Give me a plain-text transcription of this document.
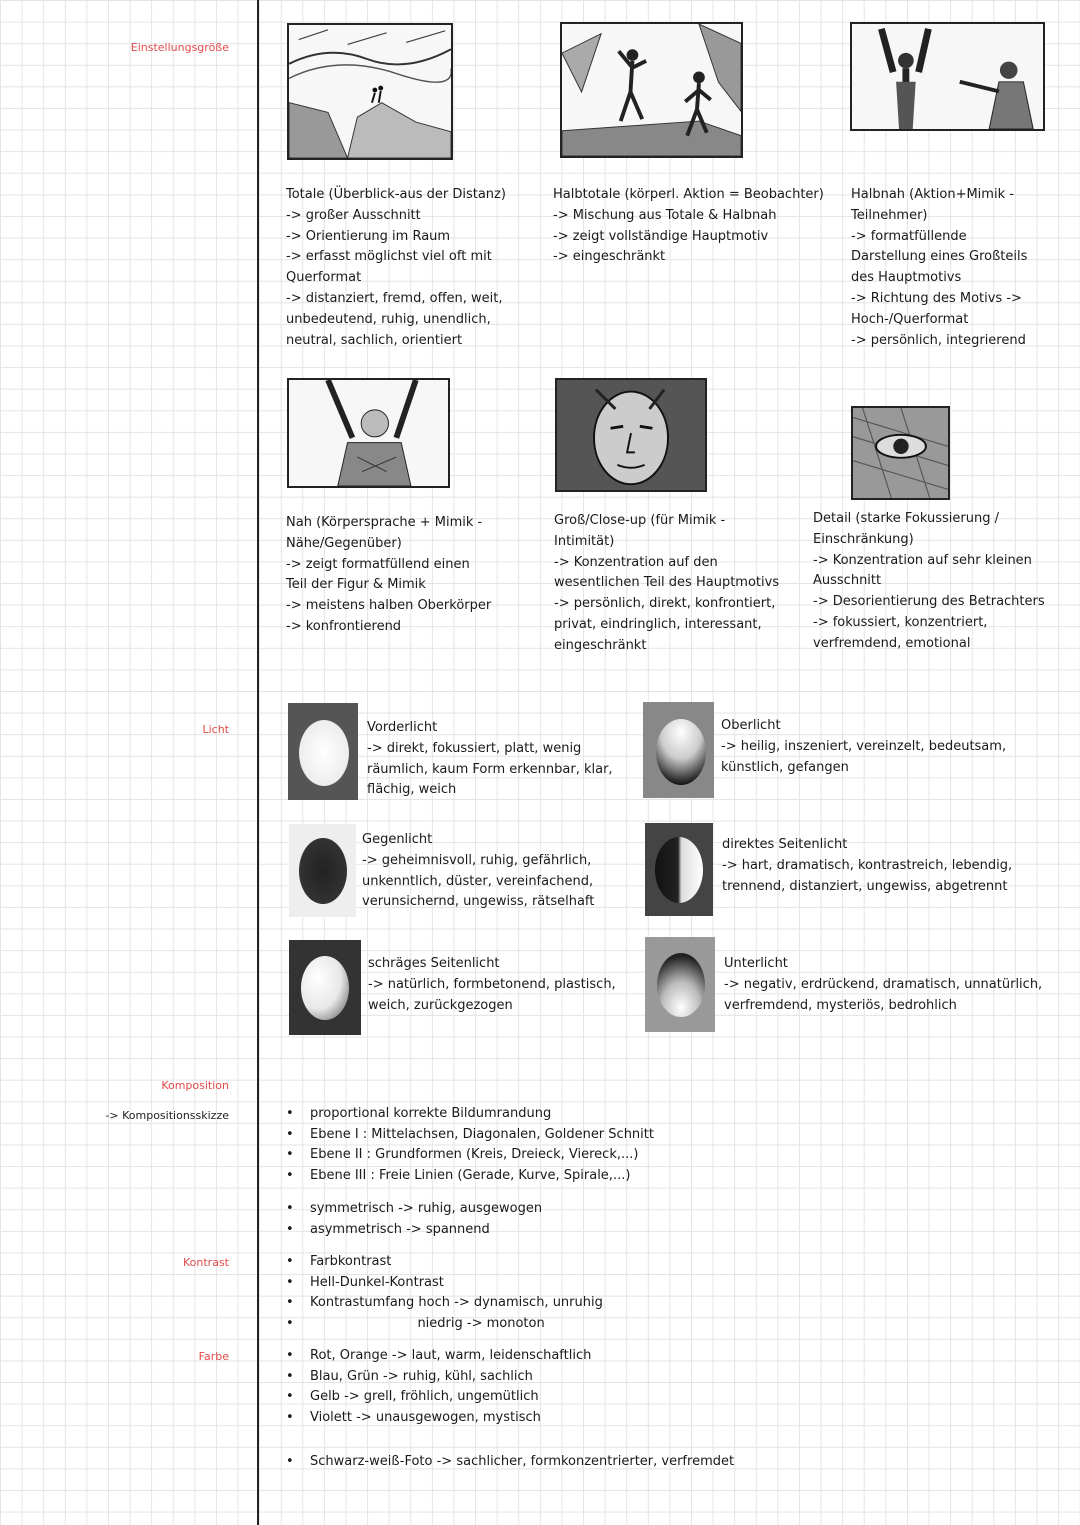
Einstellungsgröße
Licht
Komposition
-> Kompositionsskizze
Kontrast
Farbe
Totale (Überblick-aus der Distanz)
-> großer Ausschnitt
-> Orientierung im Raum
-> erfasst möglichst viel oft mit
Querformat
-> distanziert, fremd, offen, weit,
unbedeutend, ruhig, unendlich,
neutral, sachlich, orientiert
Halbtotale (körperl. Aktion = Beobachter)
-> Mischung aus Totale & Halbnah
-> zeigt vollständige Hauptmotiv
-> eingeschränkt
Halbnah (Aktion+Mimik -
Teilnehmer)
-> formatfüllende
Darstellung eines Großteils
des Hauptmotivs
-> Richtung des Motivs ->
Hoch-/Querformat
-> persönlich, integrierend
Nah (Körpersprache + Mimik -
Nähe/Gegenüber)
-> zeigt formatfüllend einen
Teil der Figur & Mimik
-> meistens halben Oberkörper
-> konfrontierend
Groß/Close-up (für Mimik -
Intimität)
-> Konzentration auf den
wesentlichen Teil des Hauptmotivs
-> persönlich, direkt, konfrontiert,
privat, eindringlich, interessant,
eingeschränkt
Detail (starke Fokussierung /
Einschränkung)
-> Konzentration auf sehr kleinen
Ausschnitt
-> Desorientierung des Betrachters
-> fokussiert, konzentriert,
verfremdend, emotional
Vorderlicht
-> direkt, fokussiert, platt, wenig
räumlich, kaum Form erkennbar, klar,
flächig, weich
Oberlicht
-> heilig, inszeniert, vereinzelt, bedeutsam,
künstlich, gefangen
Gegenlicht
-> geheimnisvoll, ruhig, gefährlich,
unkenntlich, düster, vereinfachend,
verunsichernd, ungewiss, rätselhaft
direktes Seitenlicht
-> hart, dramatisch, kontrastreich, lebendig,
trennend, distanziert, ungewiss, abgetrennt
schräges Seitenlicht
-> natürlich, formbetonend, plastisch,
weich, zurückgezogen
Unterlicht
-> negativ, erdrückend, dramatisch, unnatürlich,
verfremdend, mysteriös, bedrohlich
• proportional korrekte Bildumrandung
• Ebene I : Mittelachsen, Diagonalen, Goldener Schnitt
• Ebene II : Grundformen (Kreis, Dreieck, Viereck,...)
• Ebene III : Freie Linien (Gerade, Kurve, Spirale,...)
• symmetrisch -> ruhig, ausgewogen
• asymmetrisch -> spannend
• Farbkontrast
• Hell-Dunkel-Kontrast
• Kontrastumfang hoch -> dynamisch, unruhig
•                           niedrig -> monoton
• Rot, Orange -> laut, warm, leidenschaftlich
• Blau, Grün -> ruhig, kühl, sachlich
• Gelb -> grell, fröhlich, ungemütlich
• Violett -> unausgewogen, mystisch
• Schwarz-weiß-Foto -> sachlicher, formkonzentrierter, verfremdet
